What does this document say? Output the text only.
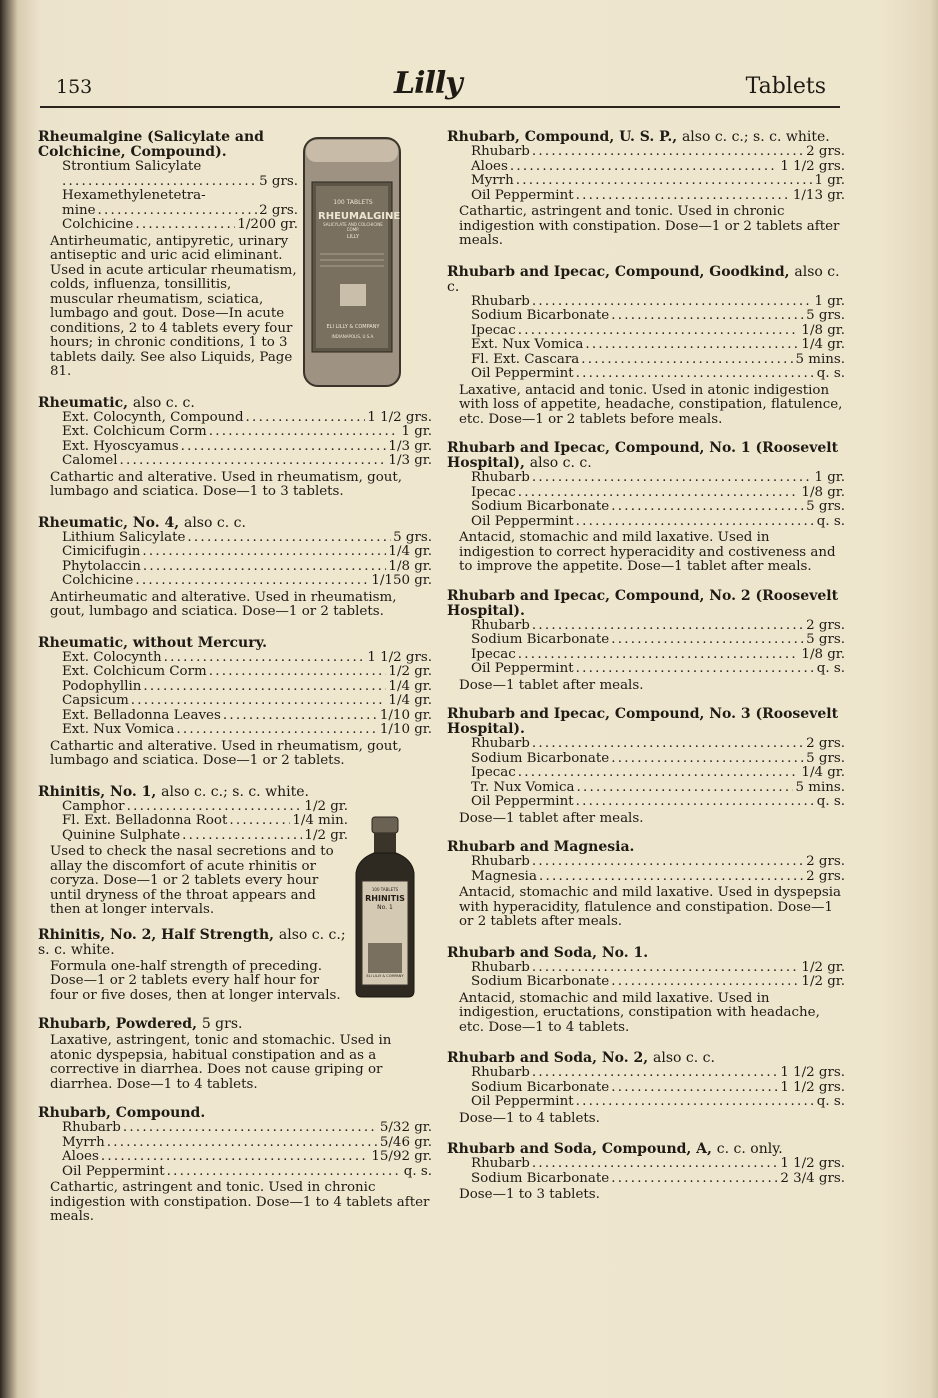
153	Lilly	Tablets
100 TABLETS
RHEUMALGINE
SALICYLATE AND COLCHICINE COMP.
LILLY
ELI LILLY & COMPANY
INDIANAPOLIS, U.S.A.
100 TABLETS
RHINITIS
No. 1
ELI LILLY & COMPANY
Rheumalgine (Salicylate and Colchicine, Compound).
Strontium Salicylate
. . .
5 grs.
Hexamethylenetetra-
mine . . .	2 grs.
Colchicine . . .	1/200 gr.
Antirheumatic, antipyretic, urinary antiseptic and uric acid eliminant. Used in acute articular rheumatism, colds, influenza, tonsillitis, muscular rheumatism, sciatica, lumbago and gout. Dose—In acute conditions, 2 to 4 tablets every four hours; in chronic conditions, 1 to 3 tablets daily. See also Liquids, Page 81.
Rheumatic, also c. c.
Ext. Colocynth, Compound . . .	1 1/2 grs.
Ext. Colchicum Corm . . .	1 gr.
Ext. Hyoscyamus . . .	1/3 gr.
Calomel . . .	1/3 gr.
Cathartic and alterative. Used in rheumatism, gout, lumbago and sciatica. Dose—1 to 3 tablets.
Rheumatic, No. 4, also c. c.
Lithium Salicylate . . .	5 grs.
Cimicifugin . . .	1/4 gr.
Phytolaccin . . .	1/8 gr.
Colchicine . . .	1/150 gr.
Antirheumatic and alterative. Used in rheumatism, gout, lumbago and sciatica. Dose—1 or 2 tablets.
Rheumatic, without Mercury.
Ext. Colocynth . . .	1 1/2 grs.
Ext. Colchicum Corm . . .	1/2 gr.
Podophyllin . . .	1/4 gr.
Capsicum . . .	1/4 gr.
Ext. Belladonna Leaves . . .	1/10 gr.
Ext. Nux Vomica . . .	1/10 gr.
Cathartic and alterative. Used in rheumatism, gout, lumbago and sciatica. Dose—1 or 2 tablets.
Rhinitis, No. 1, also c. c.; s. c. white.
Camphor . . .	1/2 gr.
Fl. Ext. Belladonna Root . . .	1/4 min.
Quinine Sulphate . . .	1/2 gr.
Used to check the nasal secretions and to allay the discomfort of acute rhinitis or coryza. Dose—1 or 2 tablets every hour until dryness of the throat appears and then at longer intervals.
Rhinitis, No. 2, Half Strength, also c. c.; s. c. white.
Formula one-half strength of preceding. Dose—1 or 2 tablets every half hour for four or five doses, then at longer intervals.
Rhubarb, Powdered, 5 grs.
Laxative, astringent, tonic and stomachic. Used in atonic dyspepsia, habitual constipation and as a corrective in diarrhea. Does not cause griping or diarrhea. Dose—1 to 4 tablets.
Rhubarb, Compound.
Rhubarb . . .	5/32 gr.
Myrrh . . .	5/46 gr.
Aloes . . .	15/92 gr.
Oil Peppermint . . .	q. s.
Cathartic, astringent and tonic. Used in chronic indigestion with constipation. Dose—1 to 4 tablets after meals.
Rhubarb, Compound, U. S. P., also c. c.; s. c. white.
Rhubarb . . .	2 grs.
Aloes . . .	1 1/2 grs.
Myrrh . . .	1 gr.
Oil Peppermint . . .	1/13 gr.
Cathartic, astringent and tonic. Used in chronic indigestion with constipation. Dose—1 or 2 tablets after meals.
Rhubarb and Ipecac, Compound, Goodkind, also c. c.
Rhubarb . . .	1 gr.
Sodium Bicarbonate . . .	5 grs.
Ipecac . . .	1/8 gr.
Ext. Nux Vomica . . .	1/4 gr.
Fl. Ext. Cascara . . .	5 mins.
Oil Peppermint . . .	q. s.
Laxative, antacid and tonic. Used in atonic indigestion with loss of appetite, headache, constipation, flatulence, etc. Dose—1 or 2 tablets before meals.
Rhubarb and Ipecac, Compound, No. 1 (Roosevelt Hospital), also c. c.
Rhubarb . . .	1 gr.
Ipecac . . .	1/8 gr.
Sodium Bicarbonate . . .	5 grs.
Oil Peppermint . . .	q. s.
Antacid, stomachic and mild laxative. Used in indigestion to correct hyperacidity and costiveness and to improve the appetite. Dose—1 tablet after meals.
Rhubarb and Ipecac, Compound, No. 2 (Roosevelt Hospital).
Rhubarb . . .	2 grs.
Sodium Bicarbonate . . .	5 grs.
Ipecac . . .	1/8 gr.
Oil Peppermint . . .	q. s.
Dose—1 tablet after meals.
Rhubarb and Ipecac, Compound, No. 3 (Roosevelt Hospital).
Rhubarb . . .	2 grs.
Sodium Bicarbonate . . .	5 grs.
Ipecac . . .	1/4 gr.
Tr. Nux Vomica . . .	5 mins.
Oil Peppermint . . .	q. s.
Dose—1 tablet after meals.
Rhubarb and Magnesia.
Rhubarb . . .	2 grs.
Magnesia . . .	2 grs.
Antacid, stomachic and mild laxative. Used in dyspepsia with hyperacidity, flatulence and constipation. Dose—1 or 2 tablets after meals.
Rhubarb and Soda, No. 1.
Rhubarb . . .	1/2 gr.
Sodium Bicarbonate . . .	1/2 gr.
Antacid, stomachic and mild laxative. Used in indigestion, eructations, constipation with headache, etc. Dose—1 to 4 tablets.
Rhubarb and Soda, No. 2, also c. c.
Rhubarb . . .	1 1/2 grs.
Sodium Bicarbonate . . .	1 1/2 grs.
Oil Peppermint . . .	q. s.
Dose—1 to 4 tablets.
Rhubarb and Soda, Compound, A, c. c. only.
Rhubarb . . .	1 1/2 grs.
Sodium Bicarbonate . . .	2 3/4 grs.
Dose—1 to 3 tablets.
